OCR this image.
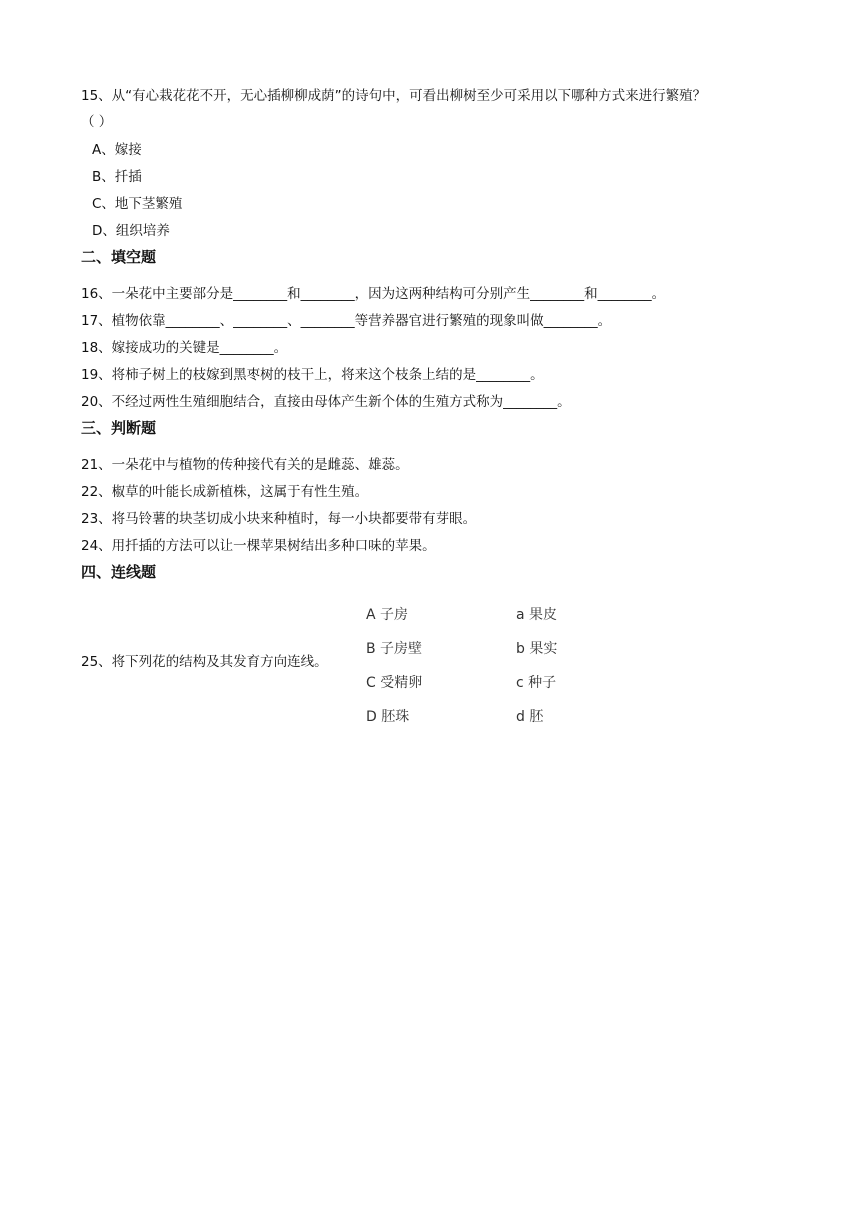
15、从“有心栽花花不开，无心插柳柳成荫”的诗句中，可看出柳树至少可采用以下哪种方式来进行繁殖？
（ ）
A、嫁接
B、扦插
C、地下茎繁殖
D、组织培养
二、填空题
16、一朵花中主要部分是________和________，因为这两种结构可分别产生________和________。
17、植物依靠________、________、________等营养器官进行繁殖的现象叫做________。
18、嫁接成功的关键是________。
19、将柿子树上的枝嫁到黑枣树的枝干上，将来这个枝条上结的是________。
20、不经过两性生殖细胞结合，直接由母体产生新个体的生殖方式称为________。
三、判断题
21、一朵花中与植物的传种接代有关的是雌蕊、雄蕊。
22、椒草的叶能长成新植株，这属于有性生殖。
23、将马铃薯的块茎切成小块来种植时，每一小块都要带有芽眼。
24、用扦插的方法可以让一棵苹果树结出多种口味的苹果。
四、连线题
25、将下列花的结构及其发育方向连线。
A 子房
B 子房壁
C 受精卵
D 胚珠
a 果皮
b 果实
c 种子
d 胚
